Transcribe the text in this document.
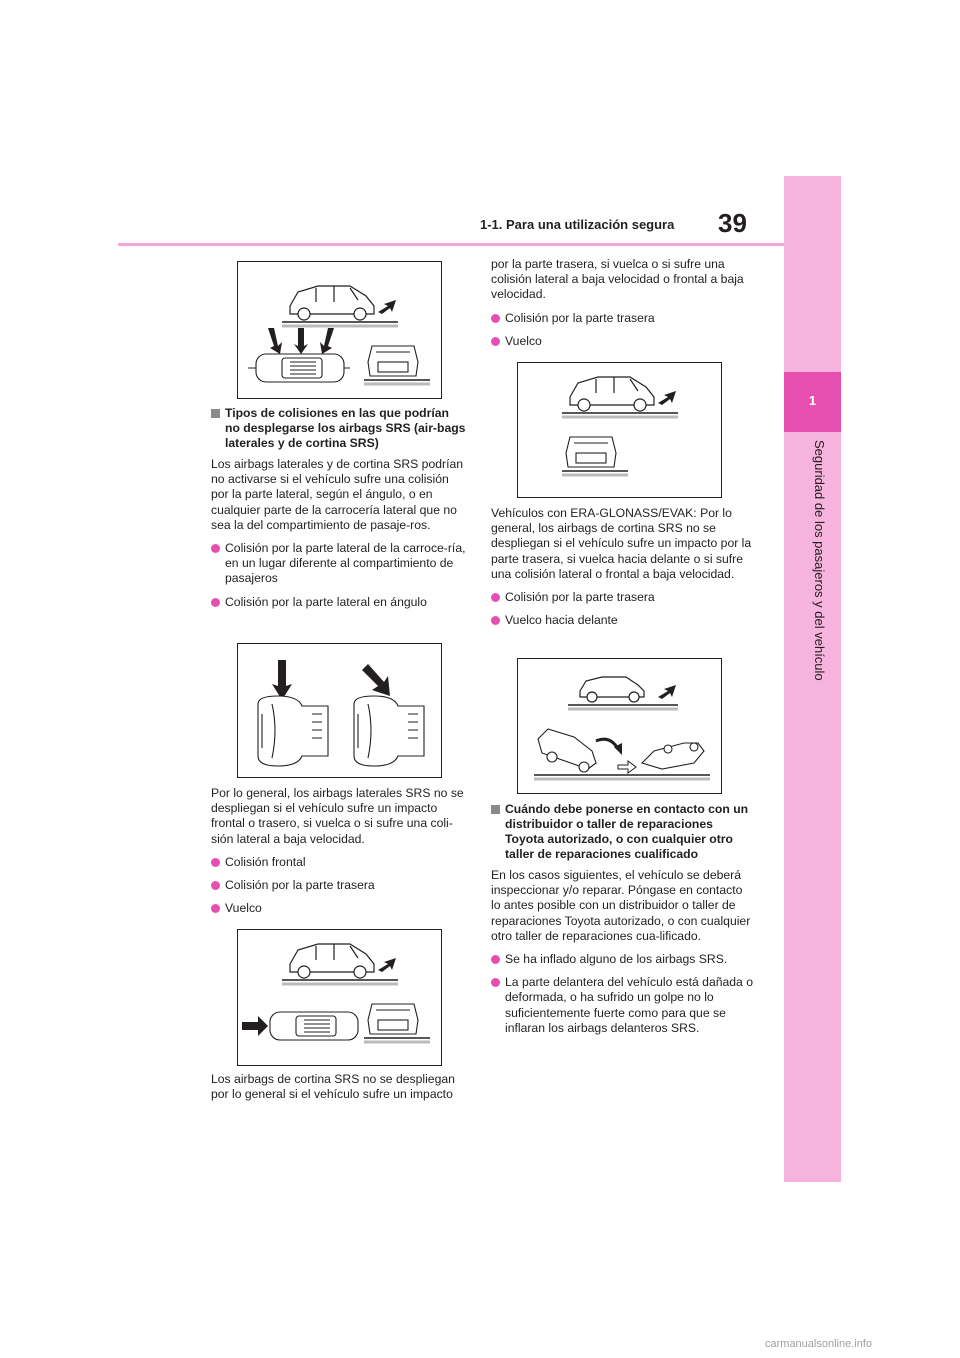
39
1-1. Para una utilización segura
1
Seguridad de los pasajeros y del vehículo
Tipos de colisiones en las que podrían no desplegarse los airbags SRS (air-bags laterales y de cortina SRS)

Los airbags laterales y de cortina SRS podrían no activarse si el vehículo sufre una colisión por la parte lateral, según el ángulo, o en cualquier parte de la carrocería lateral que no sea la del compartimiento de pasaje-ros.

Colisión por la parte lateral de la carroce-ría, en un lugar diferente al compartimiento de pasajeros
Colisión por la parte lateral en ángulo

Por lo general, los airbags laterales SRS no se despliegan si el vehículo sufre un impacto frontal o trasero, si vuelca o si sufre una coli-sión lateral a baja velocidad.

Colisión frontal
Colisión por la parte trasera
Vuelco

Los airbags de cortina SRS no se despliegan por lo general si el vehículo sufre un impacto

por la parte trasera, si vuelca o si sufre una colisión lateral a baja velocidad o frontal a baja velocidad.

Colisión por la parte trasera
Vuelco

Vehículos con ERA-GLONASS/EVAK: Por lo general, los airbags de cortina SRS no se despliegan si el vehículo sufre un impacto por la parte trasera, si vuelca hacia delante o si sufre una colisión lateral o frontal a baja velocidad.

Colisión por la parte trasera
Vuelco hacia delante
Cuándo debe ponerse en contacto con un distribuidor o taller de reparaciones Toyota autorizado, o con cualquier otro taller de reparaciones cualificado

En los casos siguientes, el vehículo se deberá inspeccionar y/o reparar. Póngase en contacto lo antes posible con un distribuidor o taller de reparaciones Toyota autorizado, o con cualquier otro taller de reparaciones cua-lificado.

Se ha inflado alguno de los airbags SRS.
La parte delantera del vehículo está dañada o deformada, o ha sufrido un golpe no lo suficientemente fuerte como para que se inflaran los airbags delanteros SRS.
carmanualsonline.info
